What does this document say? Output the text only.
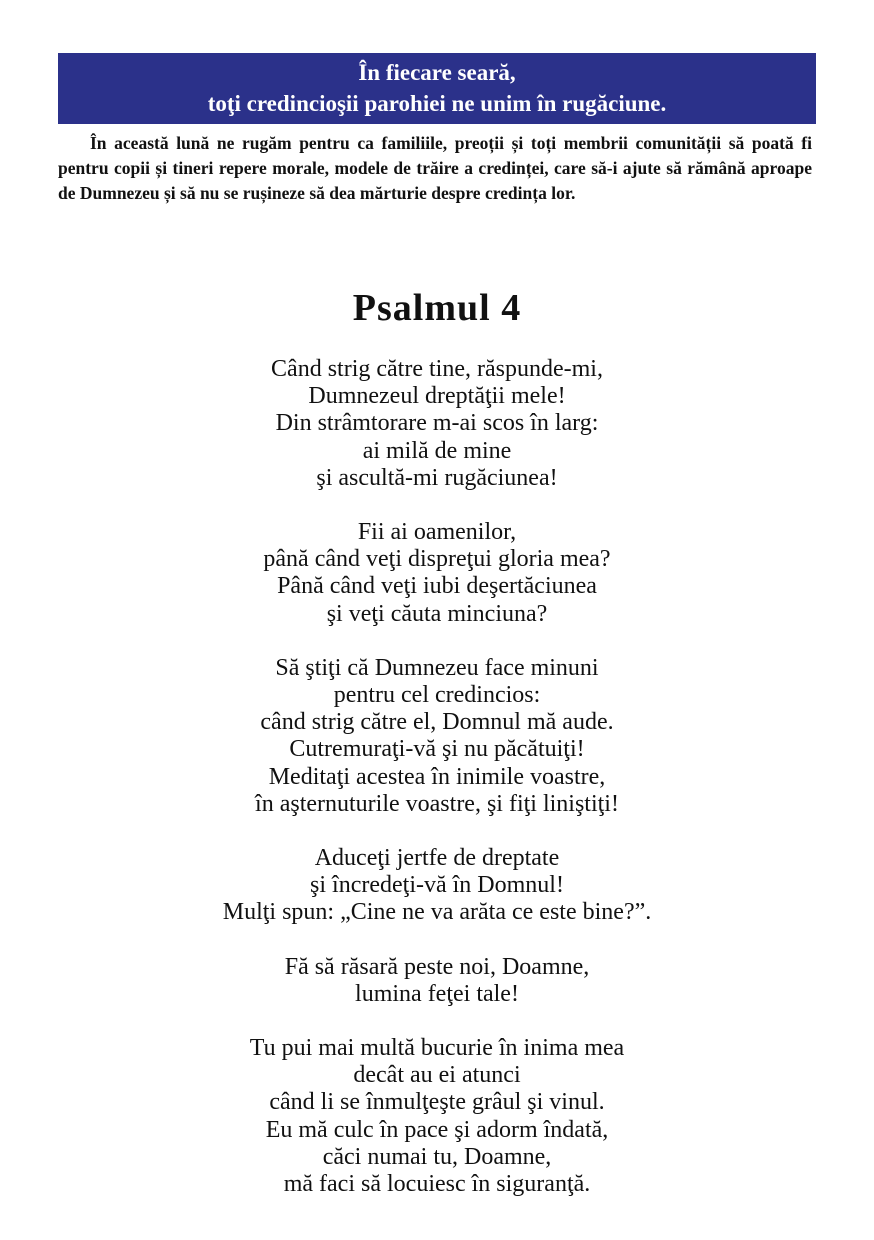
În fiecare seară,
toţi credincioşii parohiei ne unim în rugăciune.

În această lună ne rugăm pentru ca familiile, preoții și toți membrii comunității să poată fi pentru copii și tineri repere morale, modele de trăire a credinței, care să-i ajute să rămână aproape de Dumnezeu și să nu se rușineze să dea mărturie despre credința lor.

Psalmul 4
Când strig către tine, răspunde-mi,
Dumnezeul dreptăţii mele!
Din strâmtorare m-ai scos în larg:
ai milă de mine
şi ascultă-mi rugăciunea!
Fii ai oamenilor,
până când veţi dispreţui gloria mea?
Până când veţi iubi deşertăciunea
şi veţi căuta minciuna?
Să ştiţi că Dumnezeu face minuni
pentru cel credincios:
când strig către el, Domnul mă aude.
Cutremuraţi-vă şi nu păcătuiţi!
Meditaţi acestea în inimile voastre,
în aşternuturile voastre, şi fiţi liniştiţi!
Aduceţi jertfe de dreptate
şi încredeţi-vă în Domnul!
Mulţi spun: „Cine ne va arăta ce este bine?”.
Fă să răsară peste noi, Doamne,
lumina feţei tale!
Tu pui mai multă bucurie în inima mea
decât au ei atunci
când li se înmulţeşte grâul şi vinul.
Eu mă culc în pace şi adorm îndată,
căci numai tu, Doamne,
mă faci să locuiesc în siguranţă.
